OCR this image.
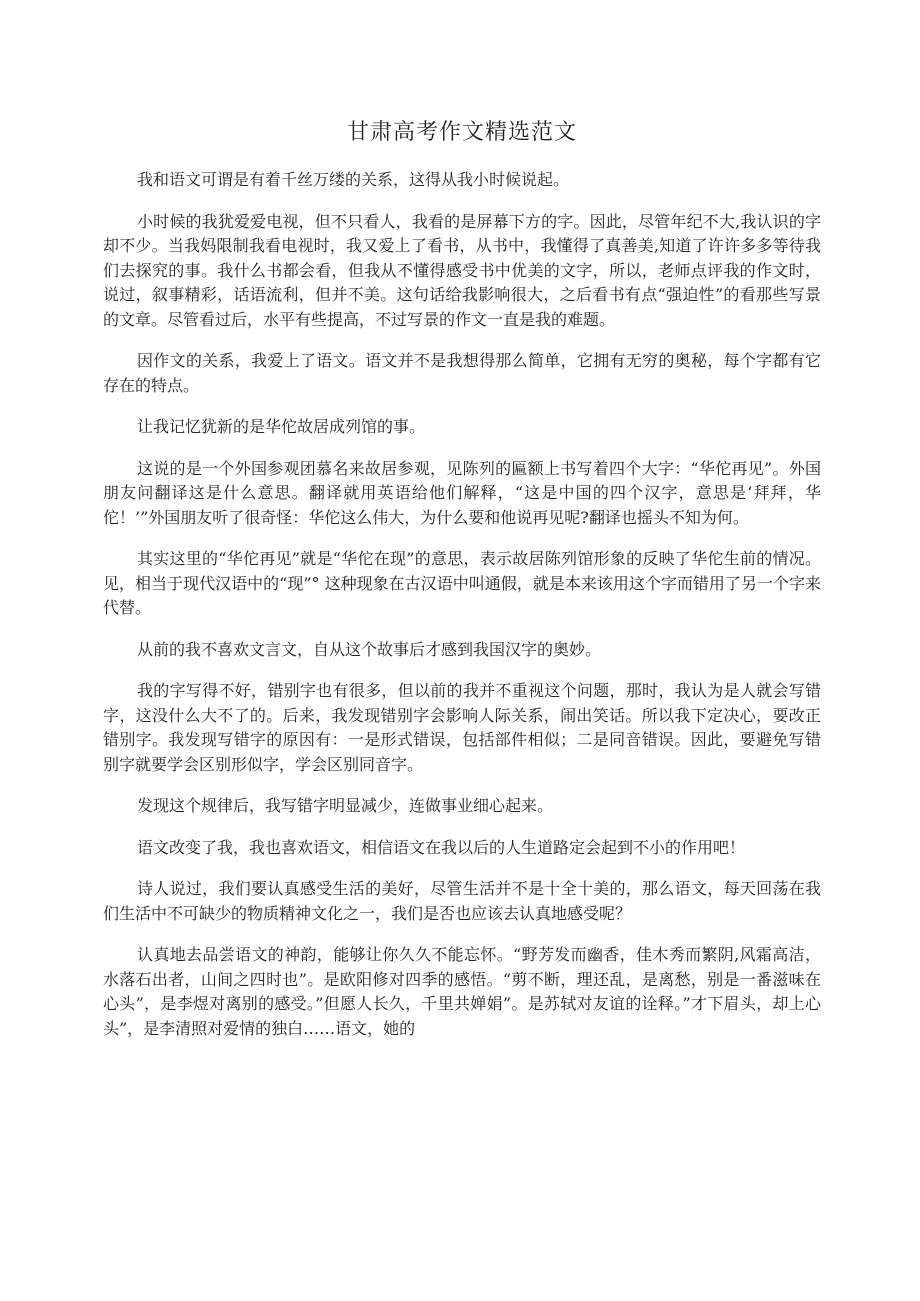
甘肃高考作文精选范文

我和语文可谓是有着千丝万缕的关系，这得从我小时候说起。

小时候的我犹爱爱电视，但不只看人，我看的是屏幕下方的字。因此，尽管年纪不大,我认识的字却不少。当我妈限制我看电视时，我又爱上了看书，从书中，我懂得了真善美,知道了许许多多等待我们去探究的事。我什么书都会看，但我从不懂得感受书中优美的文字，所以，老师点评我的作文时，说过，叙事精彩，话语流利，但并不美。这句话给我影响很大，之后看书有点“强迫性”的看那些写景的文章。尽管看过后，水平有些提高，不过写景的作文一直是我的难题。

因作文的关系，我爱上了语文。语文并不是我想得那么简单，它拥有无穷的奥秘，每个字都有它存在的特点。

让我记忆犹新的是华佗故居成列馆的事。

这说的是一个外国参观团慕名来故居参观，见陈列的匾额上书写着四个大字：“华佗再见”。外国朋友问翻译这是什么意思。翻译就用英语给他们解释，“这是中国的四个汉字，意思是‘拜拜，华佗！’”外国朋友听了很奇怪：华佗这么伟大，为什么要和他说再见呢?翻译也摇头不知为何。

其实这里的“华佗再见”就是“华佗在现”的意思，表示故居陈列馆形象的反映了华佗生前的情况。见，相当于现代汉语中的“现”° 这种现象在古汉语中叫通假，就是本来该用这个字而错用了另一个字来代替。

从前的我不喜欢文言文，自从这个故事后才感到我国汉字的奥妙。

我的字写得不好，错别字也有很多，但以前的我并不重视这个问题，那时，我认为是人就会写错字，这没什么大不了的。后来，我发现错别字会影响人际关系，闹出笑话。所以我下定决心，要改正错别字。我发现写错字的原因有：一是形式错误，包括部件相似；二是同音错误。因此，要避免写错别字就要学会区别形似字，学会区别同音字。

发现这个规律后，我写错字明显减少，连做事业细心起来。

语文改变了我，我也喜欢语文，相信语文在我以后的人生道路定会起到不小的作用吧！

诗人说过，我们要认真感受生活的美好，尽管生活并不是十全十美的，那么语文，每天回荡在我们生活中不可缺少的物质精神文化之一，我们是否也应该去认真地感受呢？

认真地去品尝语文的神韵，能够让你久久不能忘怀。“野芳发而幽香，佳木秀而繁阴,风霜高洁，水落石出者，山间之四时也”。是欧阳修对四季的感悟。“剪不断，理还乱，是离愁，别是一番滋味在心头”，是李煜对离别的感受。”但愿人长久，千里共婵娟”。是苏轼对友谊的诠释。”才下眉头，却上心头”，是李清照对爱情的独白……语文，她的
